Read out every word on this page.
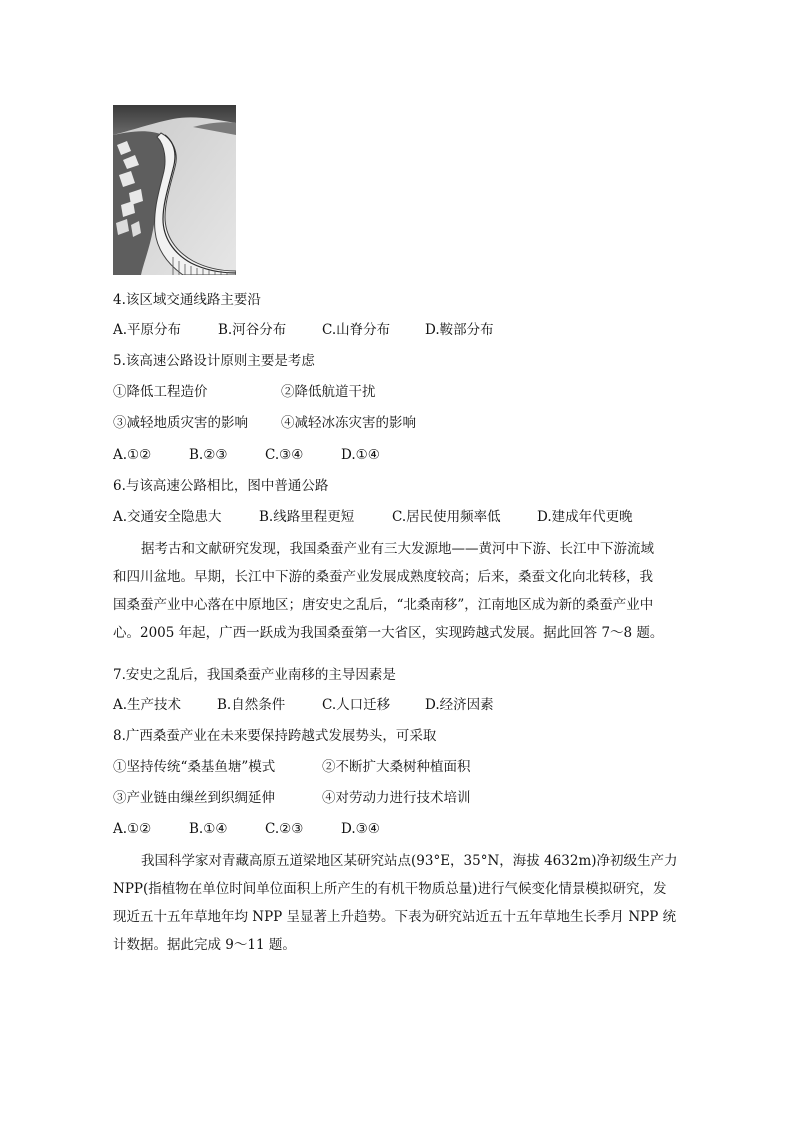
4.该区域交通线路主要沿
A.平原分布	B.河谷分布	C.山脊分布	D.鞍部分布
5.该高速公路设计原则主要是考虑
①降低工程造价	②降低航道干扰
③减轻地质灾害的影响 ④减轻冰冻灾害的影响
A.①②	B.②③	C.③④	D.①④
6.与该高速公路相比，图中普通公路
A.交通安全隐患大	B.线路里程更短	C.居民使用频率低	D.建成年代更晚
据考古和文献研究发现，我国桑蚕产业有三大发源地——黄河中下游、长江中下游流域
和四川盆地。早期，长江中下游的桑蚕产业发展成熟度较高；后来，桑蚕文化向北转移，我
国桑蚕产业中心落在中原地区；唐安史之乱后，“北桑南移”，江南地区成为新的桑蚕产业中
心。2005 年起，广西一跃成为我国桑蚕第一大省区，实现跨越式发展。据此回答 7～8 题。
7.安史之乱后，我国桑蚕产业南移的主导因素是
A.生产技术	B.自然条件	C.人口迁移	D.经济因素
8.广西桑蚕产业在未来要保持跨越式发展势头，可采取
①坚持传统“桑基鱼塘”模式	②不断扩大桑树种植面积
③产业链由缫丝到织绸延伸	④对劳动力进行技术培训
A.①②	B.①④	C.②③	D.③④
我国科学家对青藏高原五道梁地区某研究站点(93°E，35°N，海拔 4632m)净初级生产力
NPP(指植物在单位时间单位面积上所产生的有机干物质总量)进行气候变化情景模拟研究，发
现近五十五年草地年均 NPP 呈显著上升趋势。下表为研究站近五十五年草地生长季月 NPP 统
计数据。据此完成 9～11 题。
